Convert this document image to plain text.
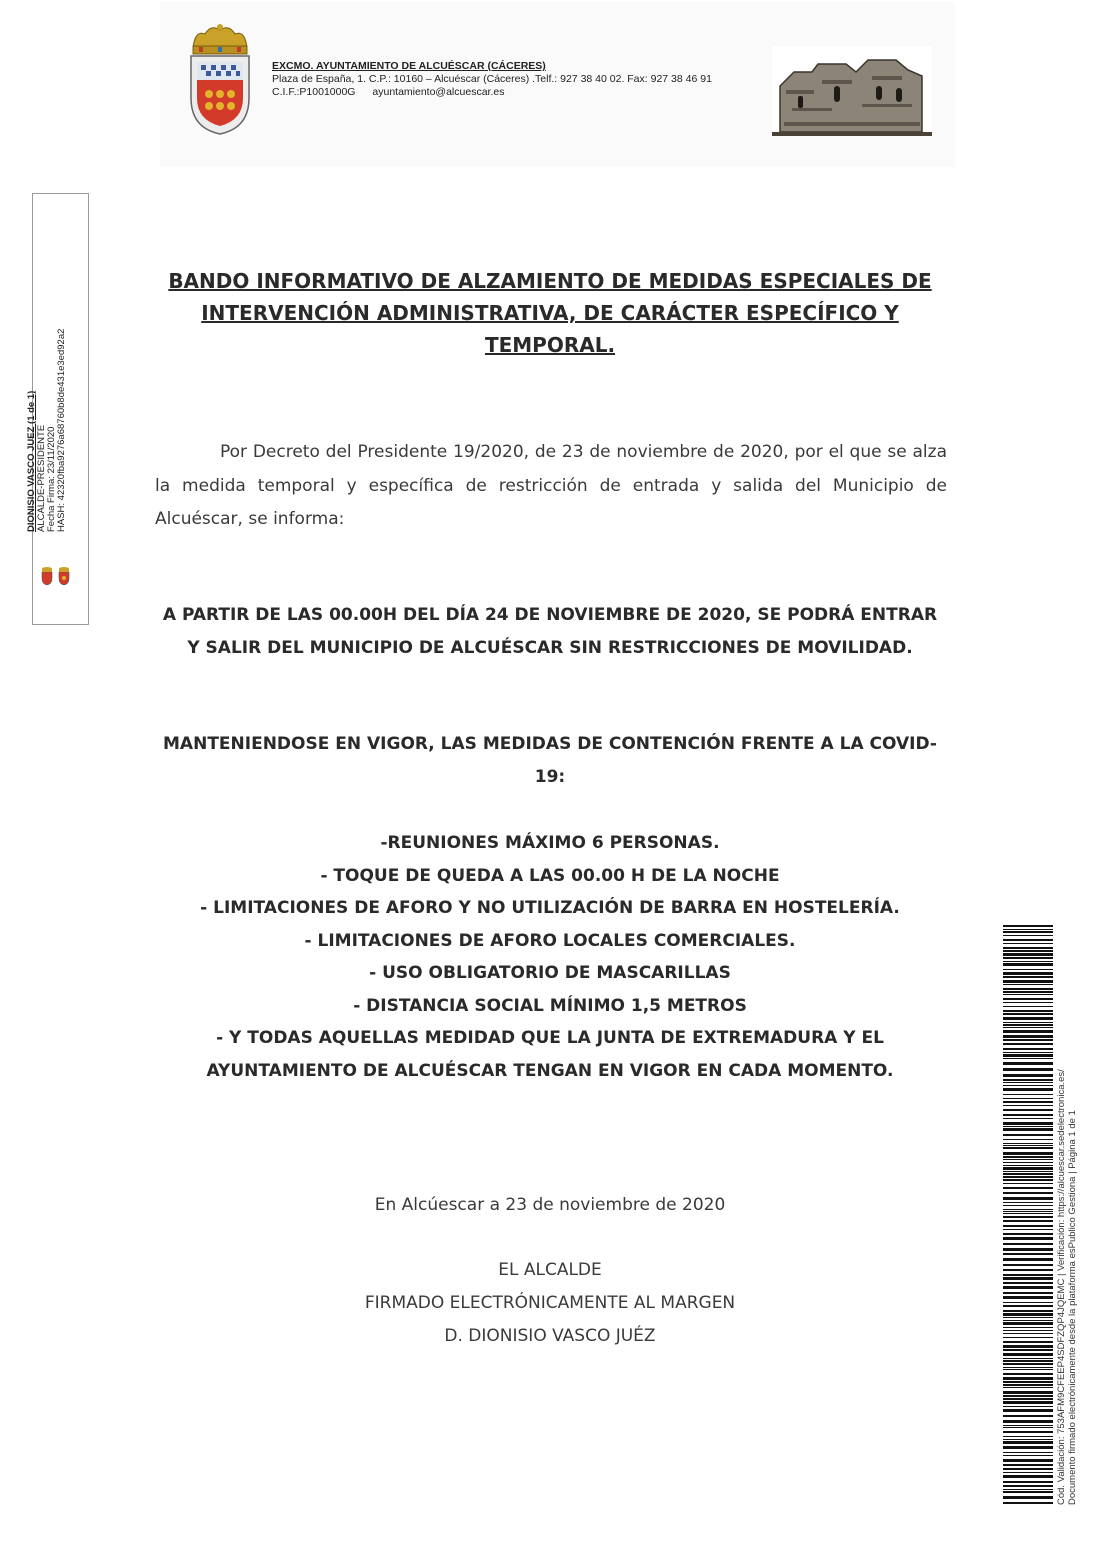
EXCMO. AYUNTAMIENTO DE ALCUÉSCAR (CÁCERES)
Plaza de España, 1. C.P.: 10160 – Alcuéscar (Cáceres) .Telf.: 927 38 40 02. Fax: 927 38 46 91
C.I.F.:P1001000G ayuntamiento@alcuescar.es
DIONISIO VASCO JUEZ (1 de 1) ALCALDE-PRESIDENTE Fecha Firma: 23/11/2020 HASH: 42320fba9276a68760b8de431e3ed92a2
BANDO INFORMATIVO DE ALZAMIENTO DE MEDIDAS ESPECIALES DE
INTERVENCIÓN ADMINISTRATIVA, DE CARÁCTER ESPECÍFICO Y
TEMPORAL.
Por Decreto del Presidente 19/2020, de 23 de noviembre de 2020, por el que se alza la medida temporal y específica de restricción de entrada y salida del Municipio de Alcuéscar, se informa:
A PARTIR DE LAS 00.00H DEL DÍA 24 DE NOVIEMBRE DE 2020, SE PODRÁ ENTRAR Y SALIR DEL MUNICIPIO DE ALCUÉSCAR SIN RESTRICCIONES DE MOVILIDAD.
MANTENIENDOSE EN VIGOR, LAS MEDIDAS DE CONTENCIÓN FRENTE A LA COVID-19:
-REUNIONES MÁXIMO 6 PERSONAS.
- TOQUE DE QUEDA A LAS 00.00 H DE LA NOCHE
- LIMITACIONES DE AFORO Y NO UTILIZACIÓN DE BARRA EN HOSTELERÍA.
- LIMITACIONES DE AFORO LOCALES COMERCIALES.
- USO OBLIGATORIO DE MASCARILLAS
- DISTANCIA SOCIAL MÍNIMO 1,5 METROS
- Y TODAS AQUELLAS MEDIDAD QUE LA JUNTA DE EXTREMADURA Y EL
AYUNTAMIENTO DE ALCUÉSCAR TENGAN EN VIGOR EN CADA MOMENTO.
En Alcúescar a 23 de noviembre de 2020
EL ALCALDE
FIRMADO ELECTRÓNICAMENTE AL MARGEN
D. DIONISIO VASCO JUÉZ	Cód. Validación: 753AFM9CFEEP4SDFZQP4JQEMC | Verificación: https://alcuescar.sedelectronica.es/ Documento firmado electrónicamente desde la plataforma esPublico Gestiona | Página 1 de 1
